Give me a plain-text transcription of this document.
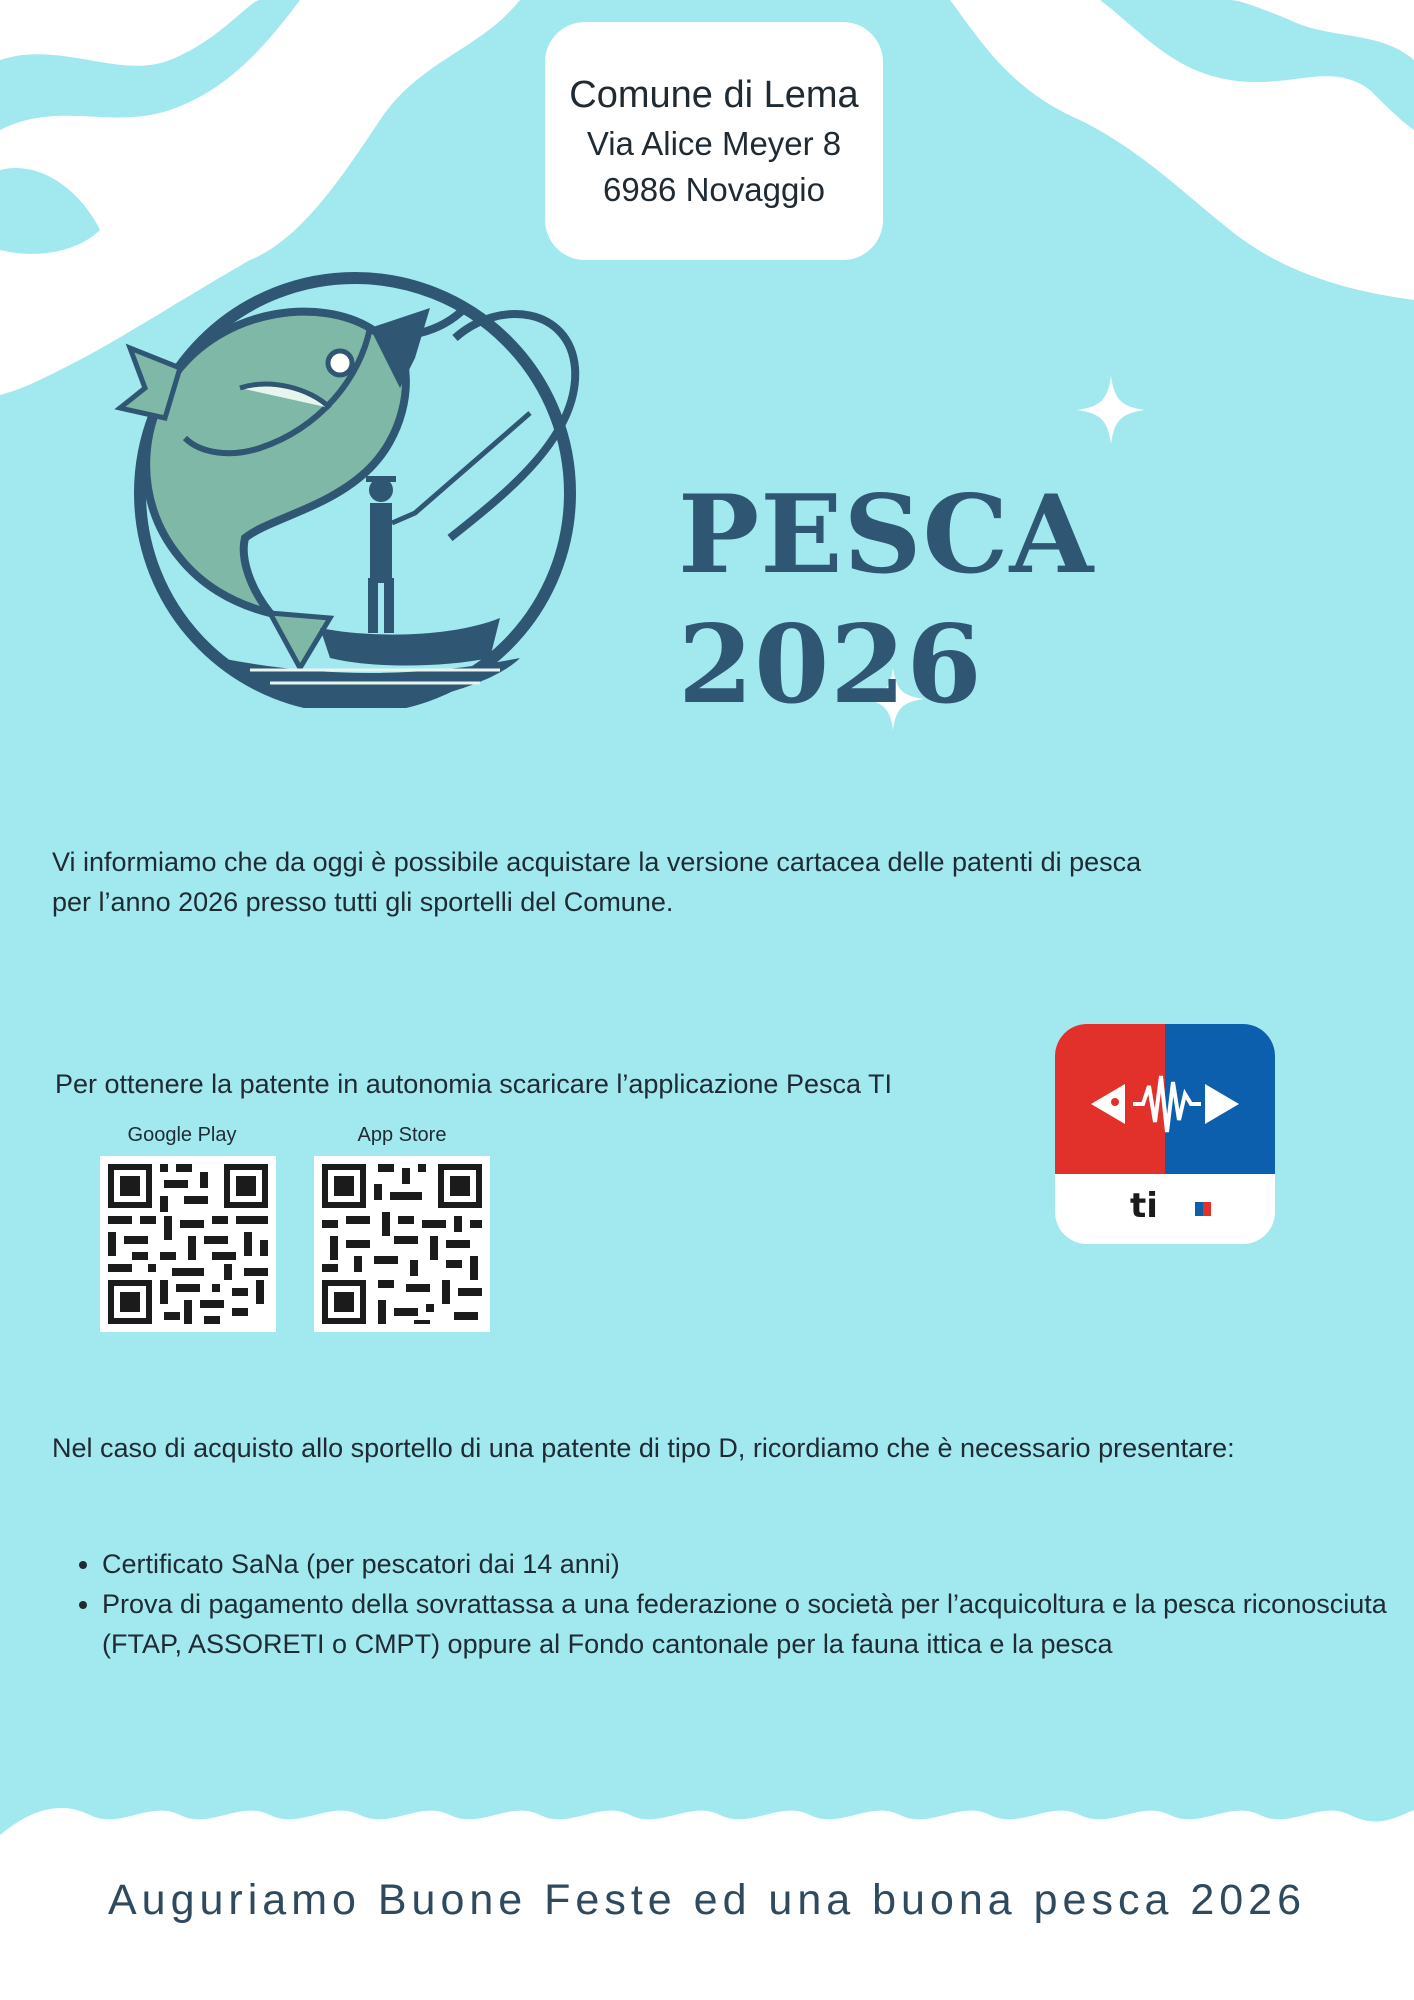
Comune di Lema
Via Alice Meyer 8
6986 Novaggio
PESCA 2026
Vi informiamo che da oggi è possibile acquistare la versione cartacea delle patenti di pesca
per l’anno 2026 presso tutti gli sportelli del Comune.
Per ottenere la patente in autonomia scaricare l’applicazione Pesca TI
Google Play	App Store
ti
Nel caso di acquisto allo sportello di una patente di tipo D, ricordiamo che è necessario presentare:
• Certificato SaNa (per pescatori dai 14 anni)
• Prova di pagamento della sovrattassa a una federazione o società per l’acquicoltura e la pesca riconosciuta (FTAP, ASSORETI o CMPT) oppure al Fondo cantonale per la fauna ittica e la pesca
Auguriamo Buone Feste ed una buona pesca 2026
